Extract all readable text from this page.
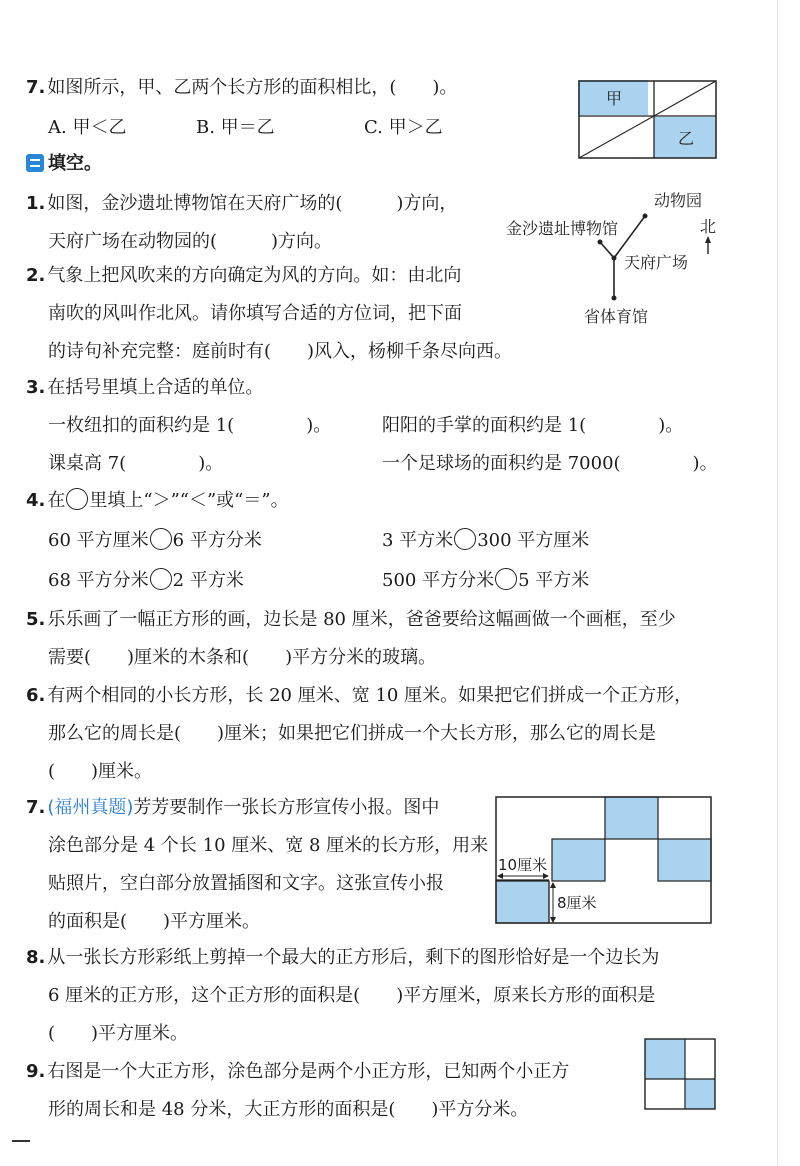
7. 如图所示，甲、乙两个长方形的面积相比，(　　)。
A. 甲＜乙	B. 甲＝乙	C. 甲＞乙
甲
乙
填空。
1. 如图，金沙遗址博物馆在天府广场的(　　　)方向，
天府广场在动物园的(　　　)方向。
动物园
金沙遗址博物馆	北
天府广场
省体育馆
2. 气象上把风吹来的方向确定为风的方向。如：由北向
南吹的风叫作北风。请你填写合适的方位词，把下面
的诗句补充完整：庭前时有(　　)风入，杨柳千条尽向西。
3. 在括号里填上合适的单位。
一枚纽扣的面积约是 1(　　　　)。	阳阳的手掌的面积约是 1(　　　　)。
课桌高 7(　　　　)。	一个足球场的面积约是 7000(　　　　)。
4. 在 里填上“＞”“＜”或“＝”。
60 平方厘米 6 平方分米	3 平方米 300 平方厘米
68 平方分米 2 平方米	500 平方分米 5 平方米
5. 乐乐画了一幅正方形的画，边长是 80 厘米，爸爸要给这幅画做一个画框，至少
需要(　　)厘米的木条和(　　)平方分米的玻璃。
6. 有两个相同的小长方形，长 20 厘米、宽 10 厘米。如果把它们拼成一个正方形，
那么它的周长是(　　)厘米；如果把它们拼成一个大长方形，那么它的周长是
(　　)厘米。
7. (福州真题)芳芳要制作一张长方形宣传小报。图中
涂色部分是 4 个长 10 厘米、宽 8 厘米的长方形，用来
贴照片，空白部分放置插图和文字。这张宣传小报
的面积是(　　)平方厘米。
10厘米
8厘米
8. 从一张长方形彩纸上剪掉一个最大的正方形后，剩下的图形恰好是一个边长为
6 厘米的正方形，这个正方形的面积是(　　)平方厘米，原来长方形的面积是
(　　)平方厘米。
9. 右图是一个大正方形，涂色部分是两个小正方形，已知两个小正方
形的周长和是 48 分米，大正方形的面积是(　　)平方分米。
